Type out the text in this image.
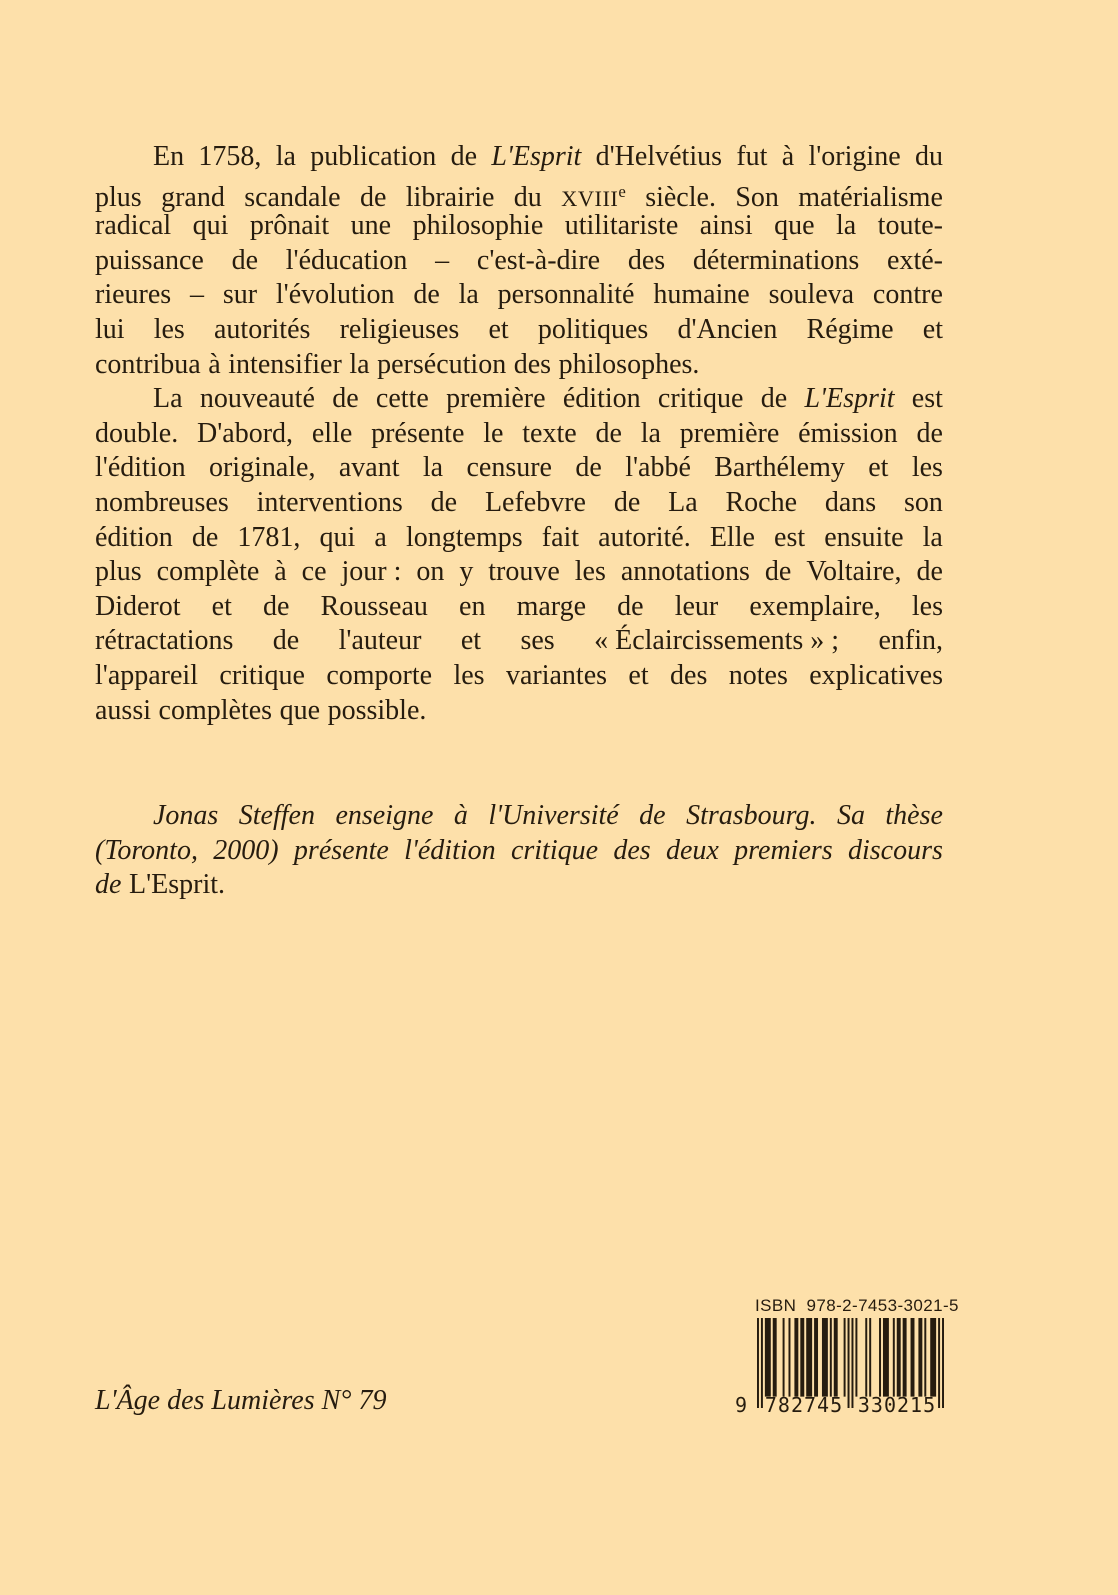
En 1758, la publication de L'Esprit d'Helvétius fut à l'origine du
plus grand scandale de librairie du XVIIIe siècle. Son matérialisme
radical qui prônait une philosophie utilitariste ainsi que la toute-
puissance de l'éducation – c'est-à-dire des déterminations exté-
rieures – sur l'évolution de la personnalité humaine souleva contre
lui les autorités religieuses et politiques d'Ancien Régime et
contribua à intensifier la persécution des philosophes.
La nouveauté de cette première édition critique de L'Esprit est
double. D'abord, elle présente le texte de la première émission de
l'édition originale, avant la censure de l'abbé Barthélemy et les
nombreuses interventions de Lefebvre de La Roche dans son
édition de 1781, qui a longtemps fait autorité. Elle est ensuite la
plus complète à ce jour : on y trouve les annotations de Voltaire, de
Diderot et de Rousseau en marge de leur exemplaire, les
rétractations de l'auteur et ses « Éclaircissements » ; enfin,
l'appareil critique comporte les variantes et des notes explicatives
aussi complètes que possible.
Jonas Steffen enseigne à l'Université de Strasbourg. Sa thèse
(Toronto, 2000) présente l'édition critique des deux premiers discours
de L'Esprit.
L'Âge des Lumières N° 79
ISBN  978-2-7453-3021-5
9 782745 330215
